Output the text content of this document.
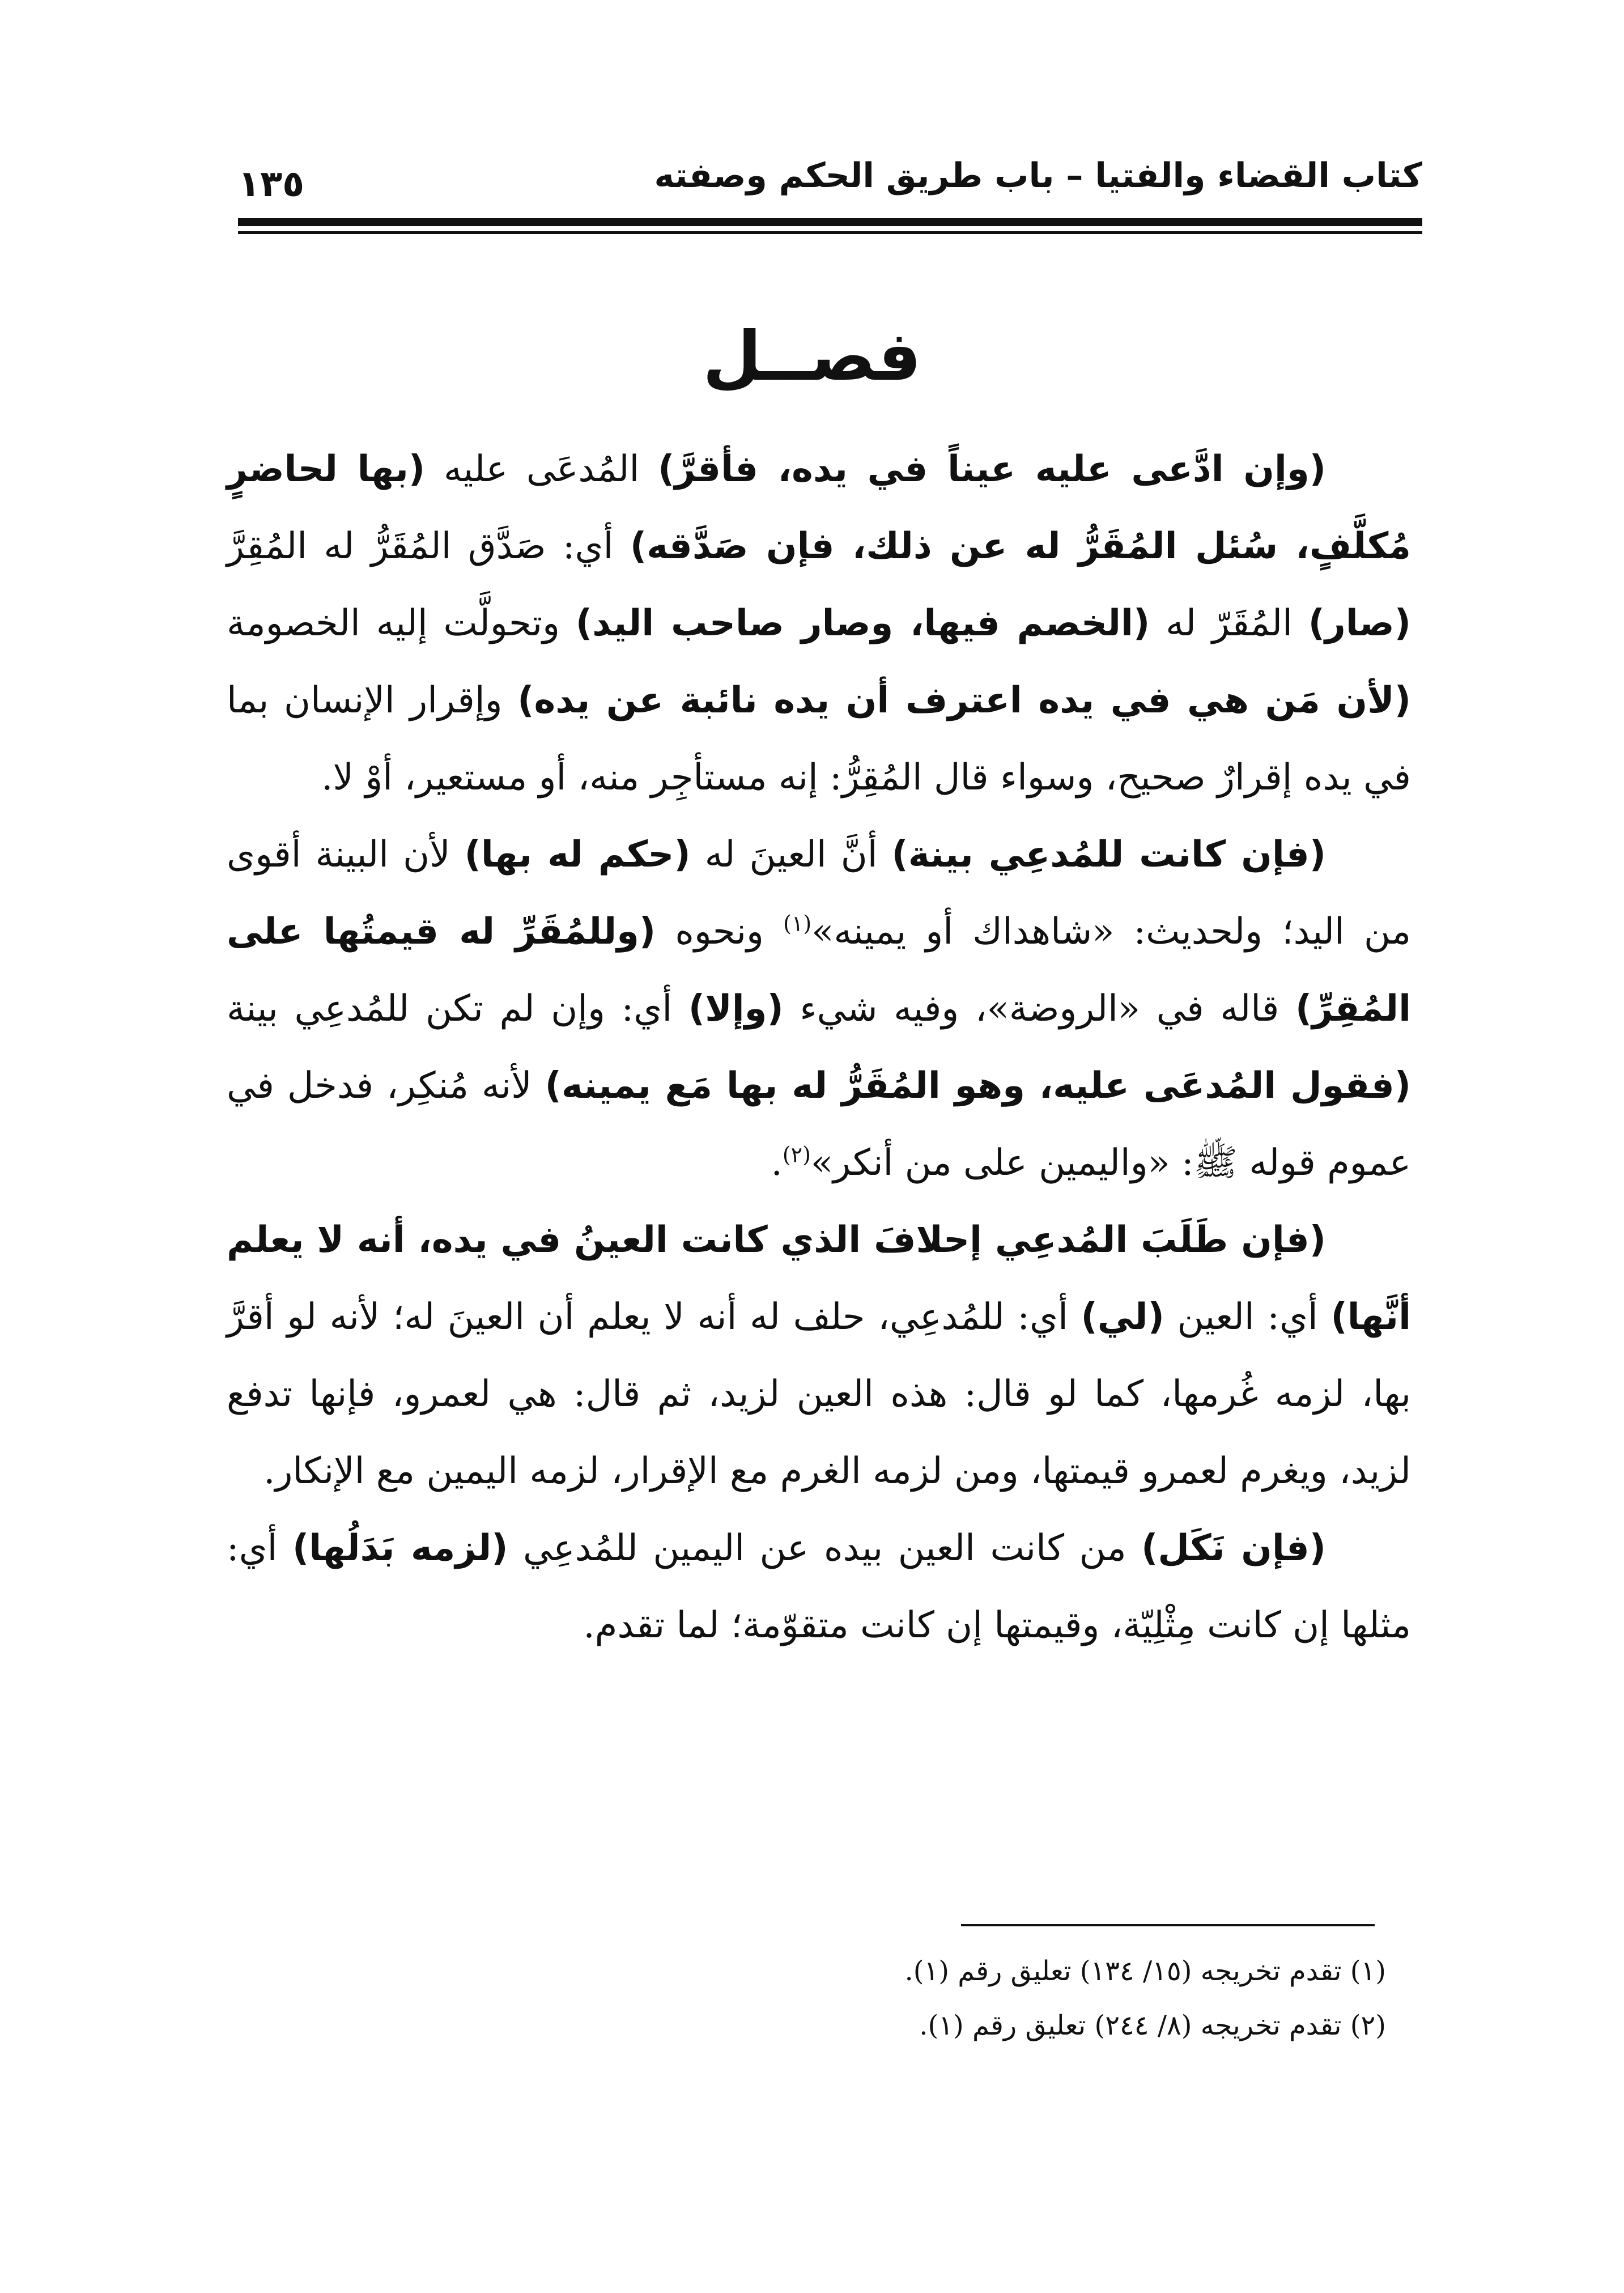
كتاب القضاء والفتيا – باب طريق الحكم وصفته
١٣٥
فصــل

(وإن ادَّعى عليه عيناً في يده، فأقرَّ) المُدعَى عليه (بها لحاضرٍ مُكلَّفٍ، سُئل المُقَرُّ له عن ذلك، فإن صَدَّقه) أي: صَدَّق المُقَرُّ له المُقِرَّ (صار) المُقَرّ له (الخصم فيها، وصار صاحب اليد) وتحولَّت إليه الخصومة (لأن مَن هي في يده اعترف أن يده نائبة عن يده) وإقرار الإنسان بما في يده إقرارٌ صحيح، وسواء قال المُقِرُّ: إنه مستأجِر منه، أو مستعير، أوْ لا.

(فإن كانت للمُدعِي بينة) أنَّ العينَ له (حكم له بها) لأن البينة أقوى من اليد؛ ولحديث: «شاهداك أو يمينه»$^{(١)}$ ونحوه (وللمُقَرِّ له قيمتُها على المُقِرِّ) قاله في «الروضة»، وفيه شيء (وإلا) أي: وإن لم تكن للمُدعِي بينة (فقول المُدعَى عليه، وهو المُقَرُّ له بها مَع يمينه) لأنه مُنكِر، فدخل في عموم قوله ﷺ: «واليمين على من أنكر»$^{(٢)}$.

(فإن طَلَبَ المُدعِي إحلافَ الذي كانت العينُ في يده، أنه لا يعلم أنَّها) أي: العين (لي) أي: للمُدعِي، حلف له أنه لا يعلم أن العينَ له؛ لأنه لو أقرَّ بها، لزمه غُرمها، كما لو قال: هذه العين لزيد، ثم قال: هي لعمرو، فإنها تدفع لزيد، ويغرم لعمرو قيمتها، ومن لزمه الغرم مع الإقرار، لزمه اليمين مع الإنكار.

(فإن نَكَل) من كانت العين بيده عن اليمين للمُدعِي (لزمه بَدَلُها) أي: مثلها إن كانت مِثْلِيّة، وقيمتها إن كانت متقوّمة؛ لما تقدم.

(١) تقدم تخريجه (١٥/ ١٣٤) تعليق رقم (١).
(٢) تقدم تخريجه (٨/ ٢٤٤) تعليق رقم (١).
